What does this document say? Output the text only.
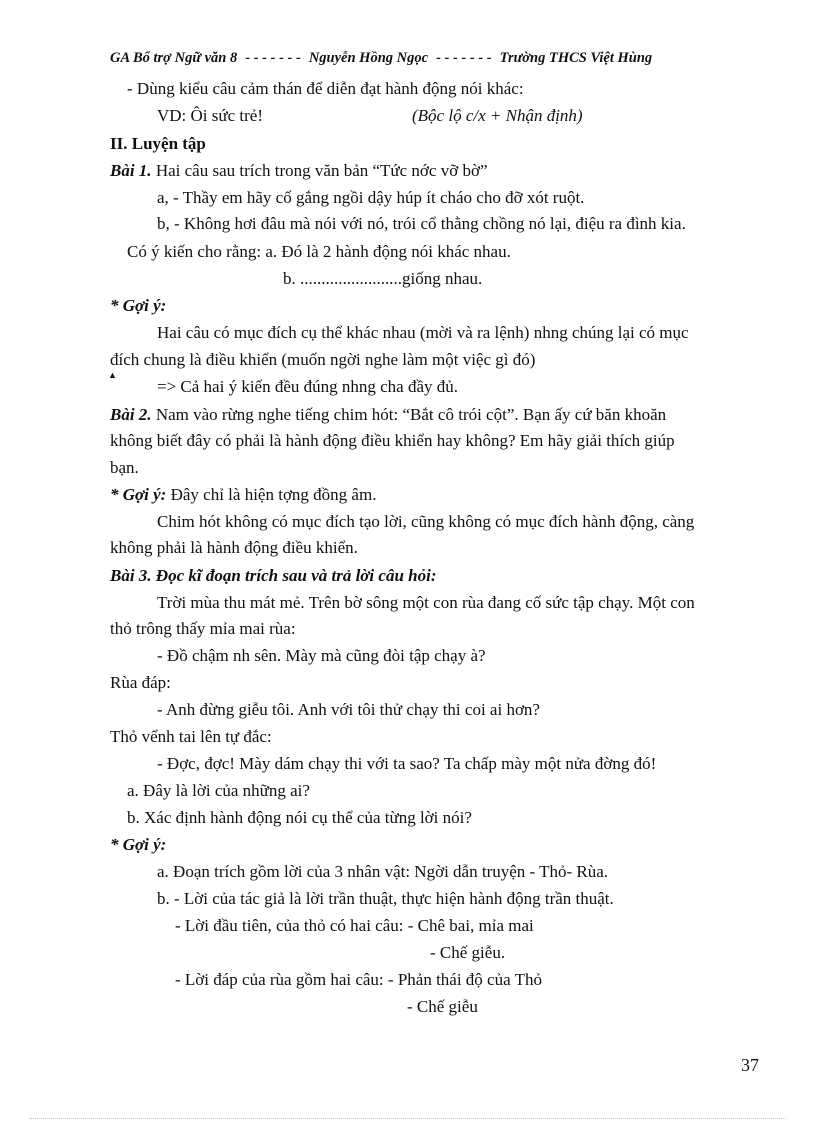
GA Bổ trợ Ngữ văn 8 - - - - - - - Nguyễn Hồng Ngọc - - - - - - - Trường THCS Việt Hùng
- Dùng kiểu câu cảm thán để diễn đạt hành động nói khác:
VD: Ôi sức trẻ!	(Bộc lộ c/x + Nhận định)
II. Luyện tập
Bài 1. Hai câu sau trích trong văn bản “Tức nớc vỡ bờ”
a, - Thầy em hãy cố gắng ngồi dậy húp ít cháo cho đỡ xót ruột.
b, - Không hơi đâu mà nói với nó, trói cổ thằng chồng nó lại, điệu ra đình kia.
Có ý kiến cho rằng: a. Đó là 2 hành động nói khác nhau.
b. ........................giống nhau.
* Gợi ý:
Hai câu có mục đích cụ thể khác nhau (mời và ra lệnh) nhng chúng lại có mục
đích chung là điều khiển (muốn ngời nghe làm một việc gì đó)
▲
=> Cả hai ý kiến đều đúng nhng cha đầy đủ.
Bài 2. Nam vào rừng nghe tiếng chim hót: “Bắt cô trói cột”. Bạn ấy cứ băn khoăn
không biết đây có phải là hành động điều khiển hay không? Em hãy giải thích giúp
bạn.
* Gợi ý: Đây chỉ là hiện tợng đồng âm.
Chim hót không có mục đích tạo lời, cũng không có mục đích hành động, càng
không phải là hành động điều khiển.
Bài 3. Đọc kĩ đoạn trích sau và trả lời câu hỏi:
Trời mùa thu mát mẻ. Trên bờ sông một con rùa đang cố sức tập chạy. Một con
thỏ trông thấy mỉa mai rùa:
- Đồ chậm nh sên. Mày mà cũng đòi tập chạy à?
Rùa đáp:
- Anh đừng giễu tôi. Anh với tôi thử chạy thi coi ai hơn?
Thỏ vểnh tai lên tự đắc:
- Đợc, đợc! Mày dám chạy thi với ta sao? Ta chấp mày một nửa đờng đó!
a. Đây là lời của những ai?
b. Xác định hành động nói cụ thể của từng lời nói?
* Gợi ý:
a. Đoạn trích gồm lời của 3 nhân vật: Ngời dẫn truyện - Thỏ- Rùa.
b. - Lời của tác giả là lời trần thuật, thực hiện hành động trần thuật.
- Lời đầu tiên, của thỏ có hai câu: - Chê bai, mỉa mai
- Chế giễu.
- Lời đáp của rùa gồm hai câu: - Phản thái độ của Thỏ
- Chế giễu
37
